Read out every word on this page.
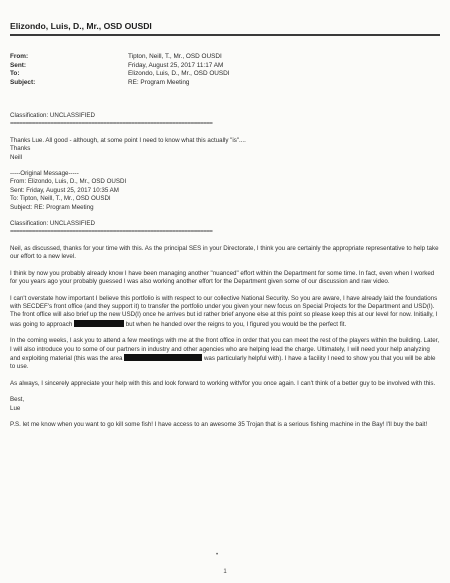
Elizondo, Luis, D., Mr., OSD OUSDI
From:	Tipton, Neill, T., Mr., OSD OUSDI
Sent:	Friday, August 25, 2017 11:17 AM
To:	Elizondo, Luis, D., Mr., OSD OUSDI
Subject:	RE: Program Meeting

Classification: UNCLASSIFIED

=================================================================

Thanks Lue. All good - although, at some point I need to know what this actually "is"....

Thanks

Neill

-----Original Message-----

From: Elizondo, Luis, D., Mr., OSD OUSDI

Sent: Friday, August 25, 2017 10:35 AM

To: Tipton, Neill, T., Mr., OSD OUSDI

Subject: RE: Program Meeting

Classification: UNCLASSIFIED

=================================================================

Neil, as discussed, thanks for your time with this. As the principal SES in your Directorate, I think you are certainly the appropriate representative to help take our effort to a new level.

I think by now you probably already know I have been managing another "nuanced" effort within the Department for some time. In fact, even when I worked for you years ago your probably guessed I was also working another effort for the Department given some of our discussion and raw video.

I can't overstate how important I believe this portfolio is with respect to our collective National Security. So you are aware, I have already laid the foundations with SECDEF's front office (and they support it) to transfer the portfolio under you given your new focus on Special Projects for the Department and USD(I). The front office will also brief up the new USD(I) once he arrives but id rather brief anyone else at this point so please keep this at our level for now. Initially, I was going to approach	but when he handed over the reigns to you, I figured you would be the perfect fit.

In the coming weeks, I ask you to attend a few meetings with me at the front office in order that you can meet the rest of the players within the building. Later, I will also introduce you to some of our partners in industry and other agencies who are helping lead the charge. Ultimately, I will need your help analyzing and exploiting material (this was the area	was particularly helpful with). I have a facility I need to show you that you will be able to use.

As always, I sincerely appreciate your help with this and look forward to working with/for you once again. I can't think of a better guy to be involved with this.

Best,

Lue

P.S. let me know when you want to go kill some fish! I have access to an awesome 35 Trojan that is a serious fishing machine in the Bay! I'll buy the bait!

•
1
